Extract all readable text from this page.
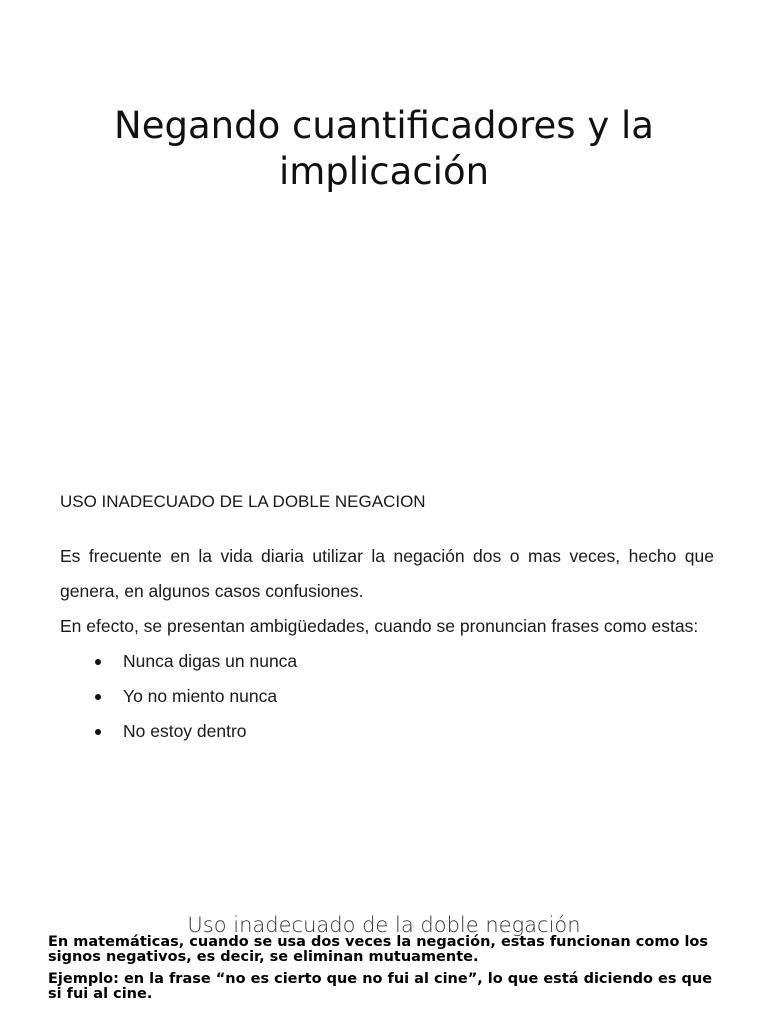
Negando cuantificadores y la implicación
USO INADECUADO DE LA DOBLE NEGACION

Es frecuente en la vida diaria utilizar la negación dos o mas veces, hecho que genera, en algunos casos confusiones.

En efecto, se presentan ambigüedades, cuando se pronuncian frases como estas:

Nunca digas un nunca
Yo no miento nunca
No estoy dentro
Uso inadecuado de la doble negación

En matemáticas, cuando se usa dos veces la negación, estas funcionan como los signos negativos, es decir, se eliminan mutuamente.

Ejemplo: en la frase “no es cierto que no fui al cine”, lo que está diciendo es que si fui al cine.
